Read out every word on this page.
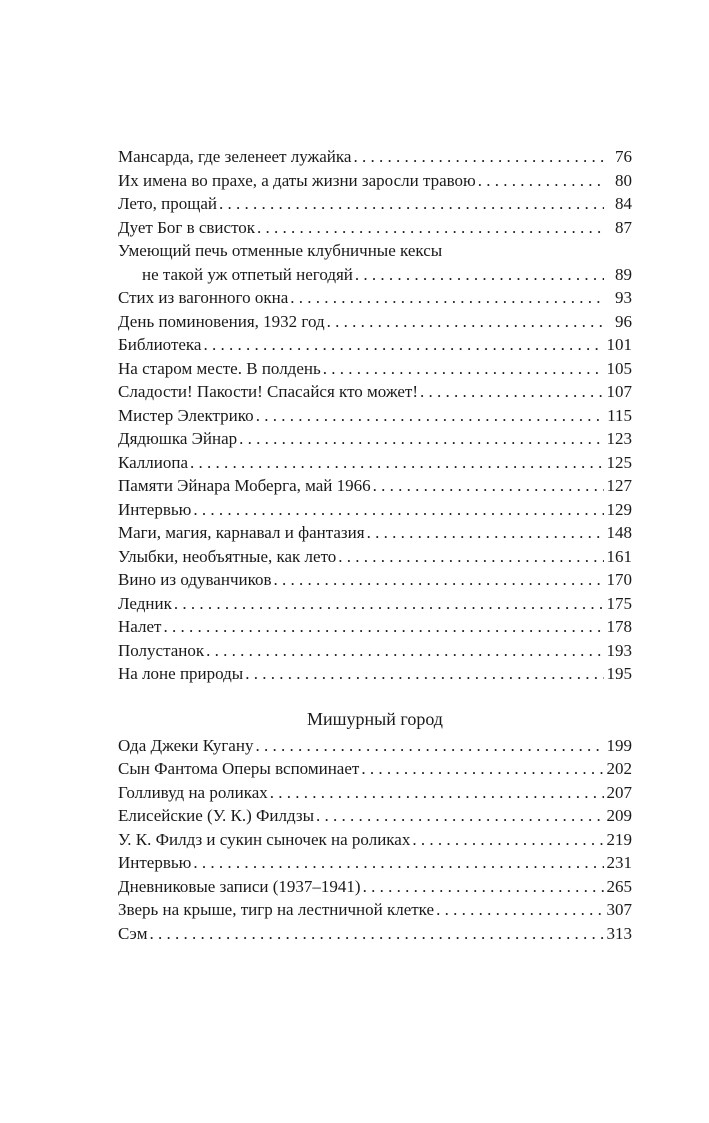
Мансарда, где зеленеет лужайка . . .	76
Их имена во прахе, а даты жизни заросли травою . . .	80
Лето, прощай . . .	84
Дует Бог в свисток . . .	87
Умеющий печь отменные клубничные кексы
не такой уж отпетый негодяй . . .	89
Стих из вагонного окна . . .	93
День поминовения, 1932 год . . .	96
Библиотека . . .	101
На старом месте. В полдень . . .	105
Сладости! Пакости! Спасайся кто может! . . .	107
Мистер Электрико . . .	115
Дядюшка Эйнар . . .	123
Каллиопа . . .	125
Памяти Эйнара Моберга, май 1966 . . .	127
Интервью . . .	129
Маги, магия, карнавал и фантазия . . .	148
Улыбки, необъятные, как лето . . .	161
Вино из одуванчиков . . .	170
Ледник . . .	175
Налет . . .	178
Полустанок . . .	193
На лоне природы . . .	195
Мишурный город
Ода Джеки Кугану . . .	199
Сын Фантома Оперы вспоминает . . .	202
Голливуд на роликах . . .	207
Елисейские (У. К.) Филдзы . . .	209
У. К. Филдз и сукин сыночек на роликах . . .	219
Интервью . . .	231
Дневниковые записи (1937–1941) . . .	265
Зверь на крыше, тигр на лестничной клетке . . .	307
Сэм . . .	313
